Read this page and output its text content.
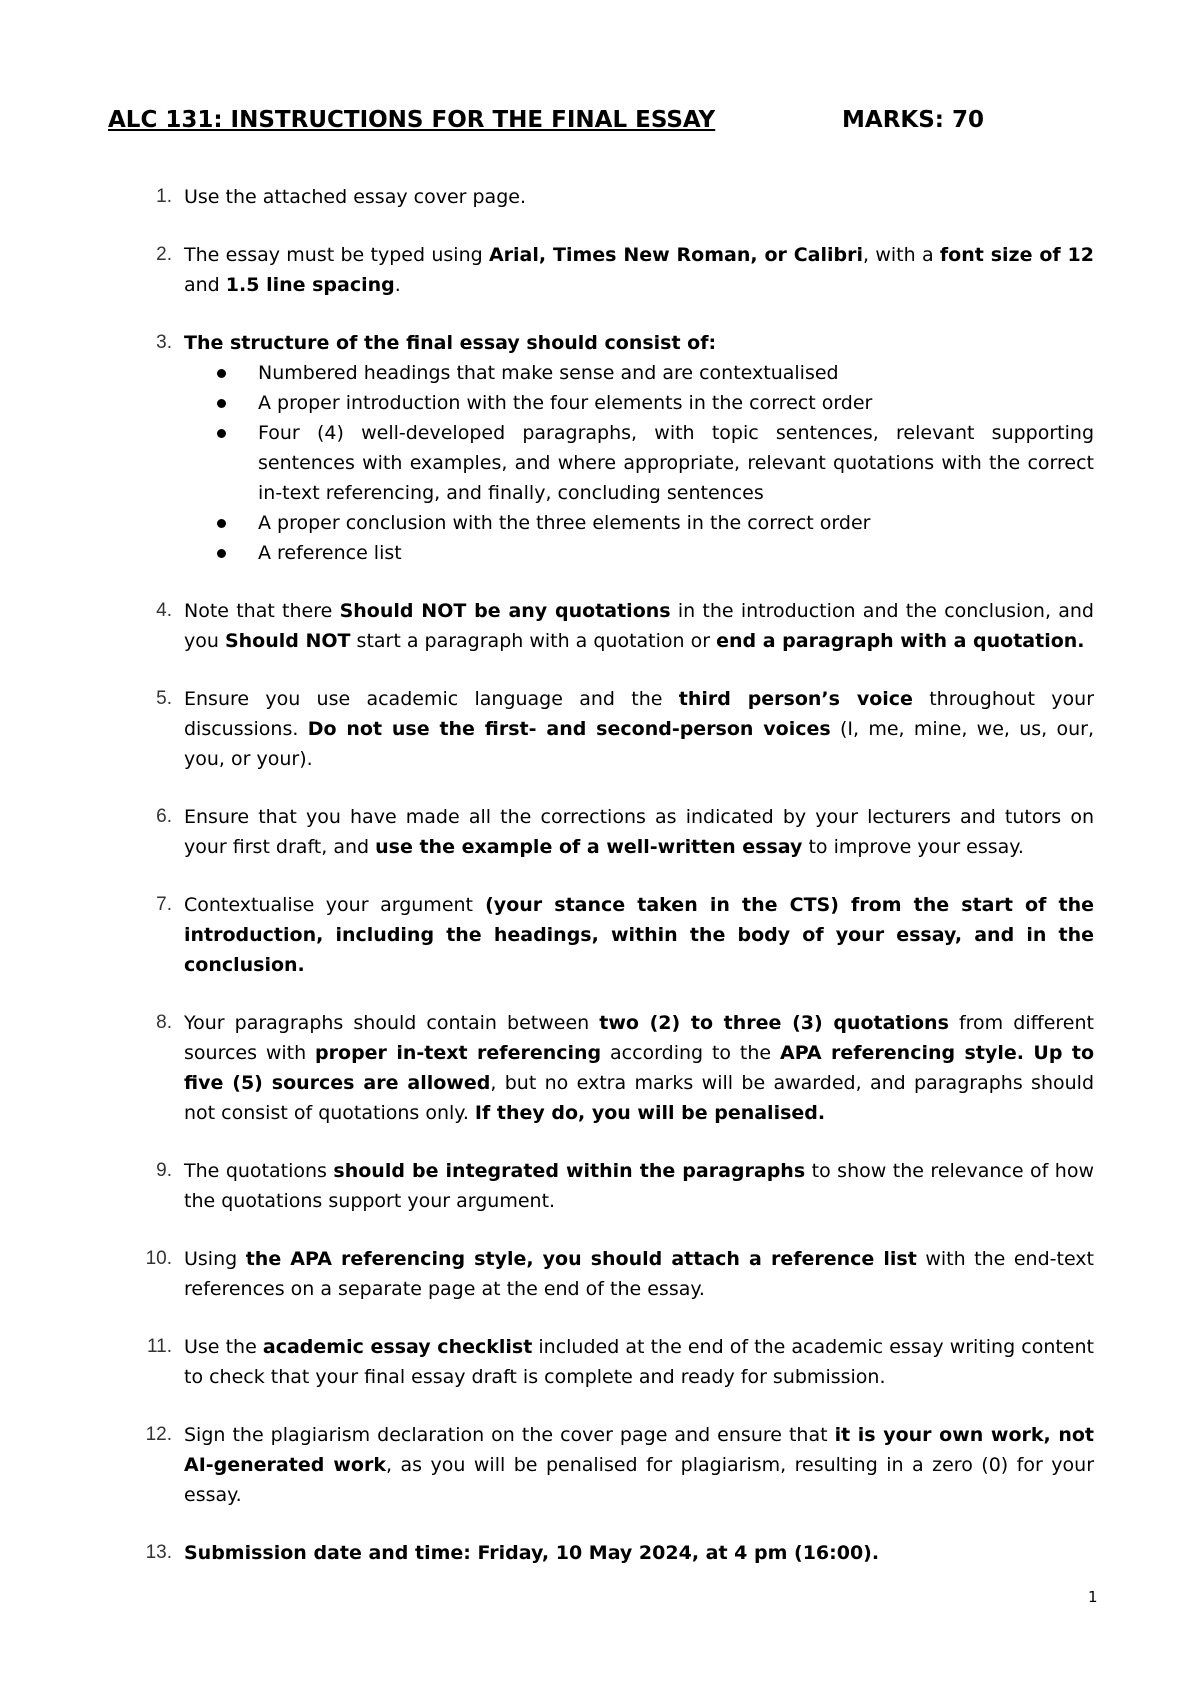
ALC 131: INSTRUCTIONS FOR THE FINAL ESSAY	MARKS: 70
1. Use the attached essay cover page.

2. The essay must be typed using Arial, Times New Roman, or Calibri, with a font size of 12 and 1.5 line spacing.

3. The structure of the final essay should consist of:

Numbered headings that make sense and are contextualised
A proper introduction with the four elements in the correct order
Four (4) well-developed paragraphs, with topic sentences, relevant supporting sentences with examples, and where appropriate, relevant quotations with the correct in-text referencing, and finally, concluding sentences
A proper conclusion with the three elements in the correct order
A reference list
4. Note that there Should NOT be any quotations in the introduction and the conclusion, and you Should NOT start a paragraph with a quotation or end a paragraph with a quotation.

5. Ensure you use academic language and the third person’s voice throughout your discussions. Do not use the first- and second-person voices (I, me, mine, we, us, our, you, or your).

6. Ensure that you have made all the corrections as indicated by your lecturers and tutors on your first draft, and use the example of a well-written essay to improve your essay.

7. Contextualise your argument (your stance taken in the CTS) from the start of the introduction, including the headings, within the body of your essay, and in the conclusion.

8. Your paragraphs should contain between two (2) to three (3) quotations from different sources with proper in-text referencing according to the APA referencing style. Up to five (5) sources are allowed, but no extra marks will be awarded, and paragraphs should not consist of quotations only. If they do, you will be penalised.

9. The quotations should be integrated within the paragraphs to show the relevance of how the quotations support your argument.

10. Using the APA referencing style, you should attach a reference list with the end-text references on a separate page at the end of the essay.

11. Use the academic essay checklist included at the end of the academic essay writing content to check that your final essay draft is complete and ready for submission.

12. Sign the plagiarism declaration on the cover page and ensure that it is your own work, not AI-generated work, as you will be penalised for plagiarism, resulting in a zero (0) for your essay.

13. Submission date and time: Friday, 10 May 2024, at 4 pm (16:00).

1
